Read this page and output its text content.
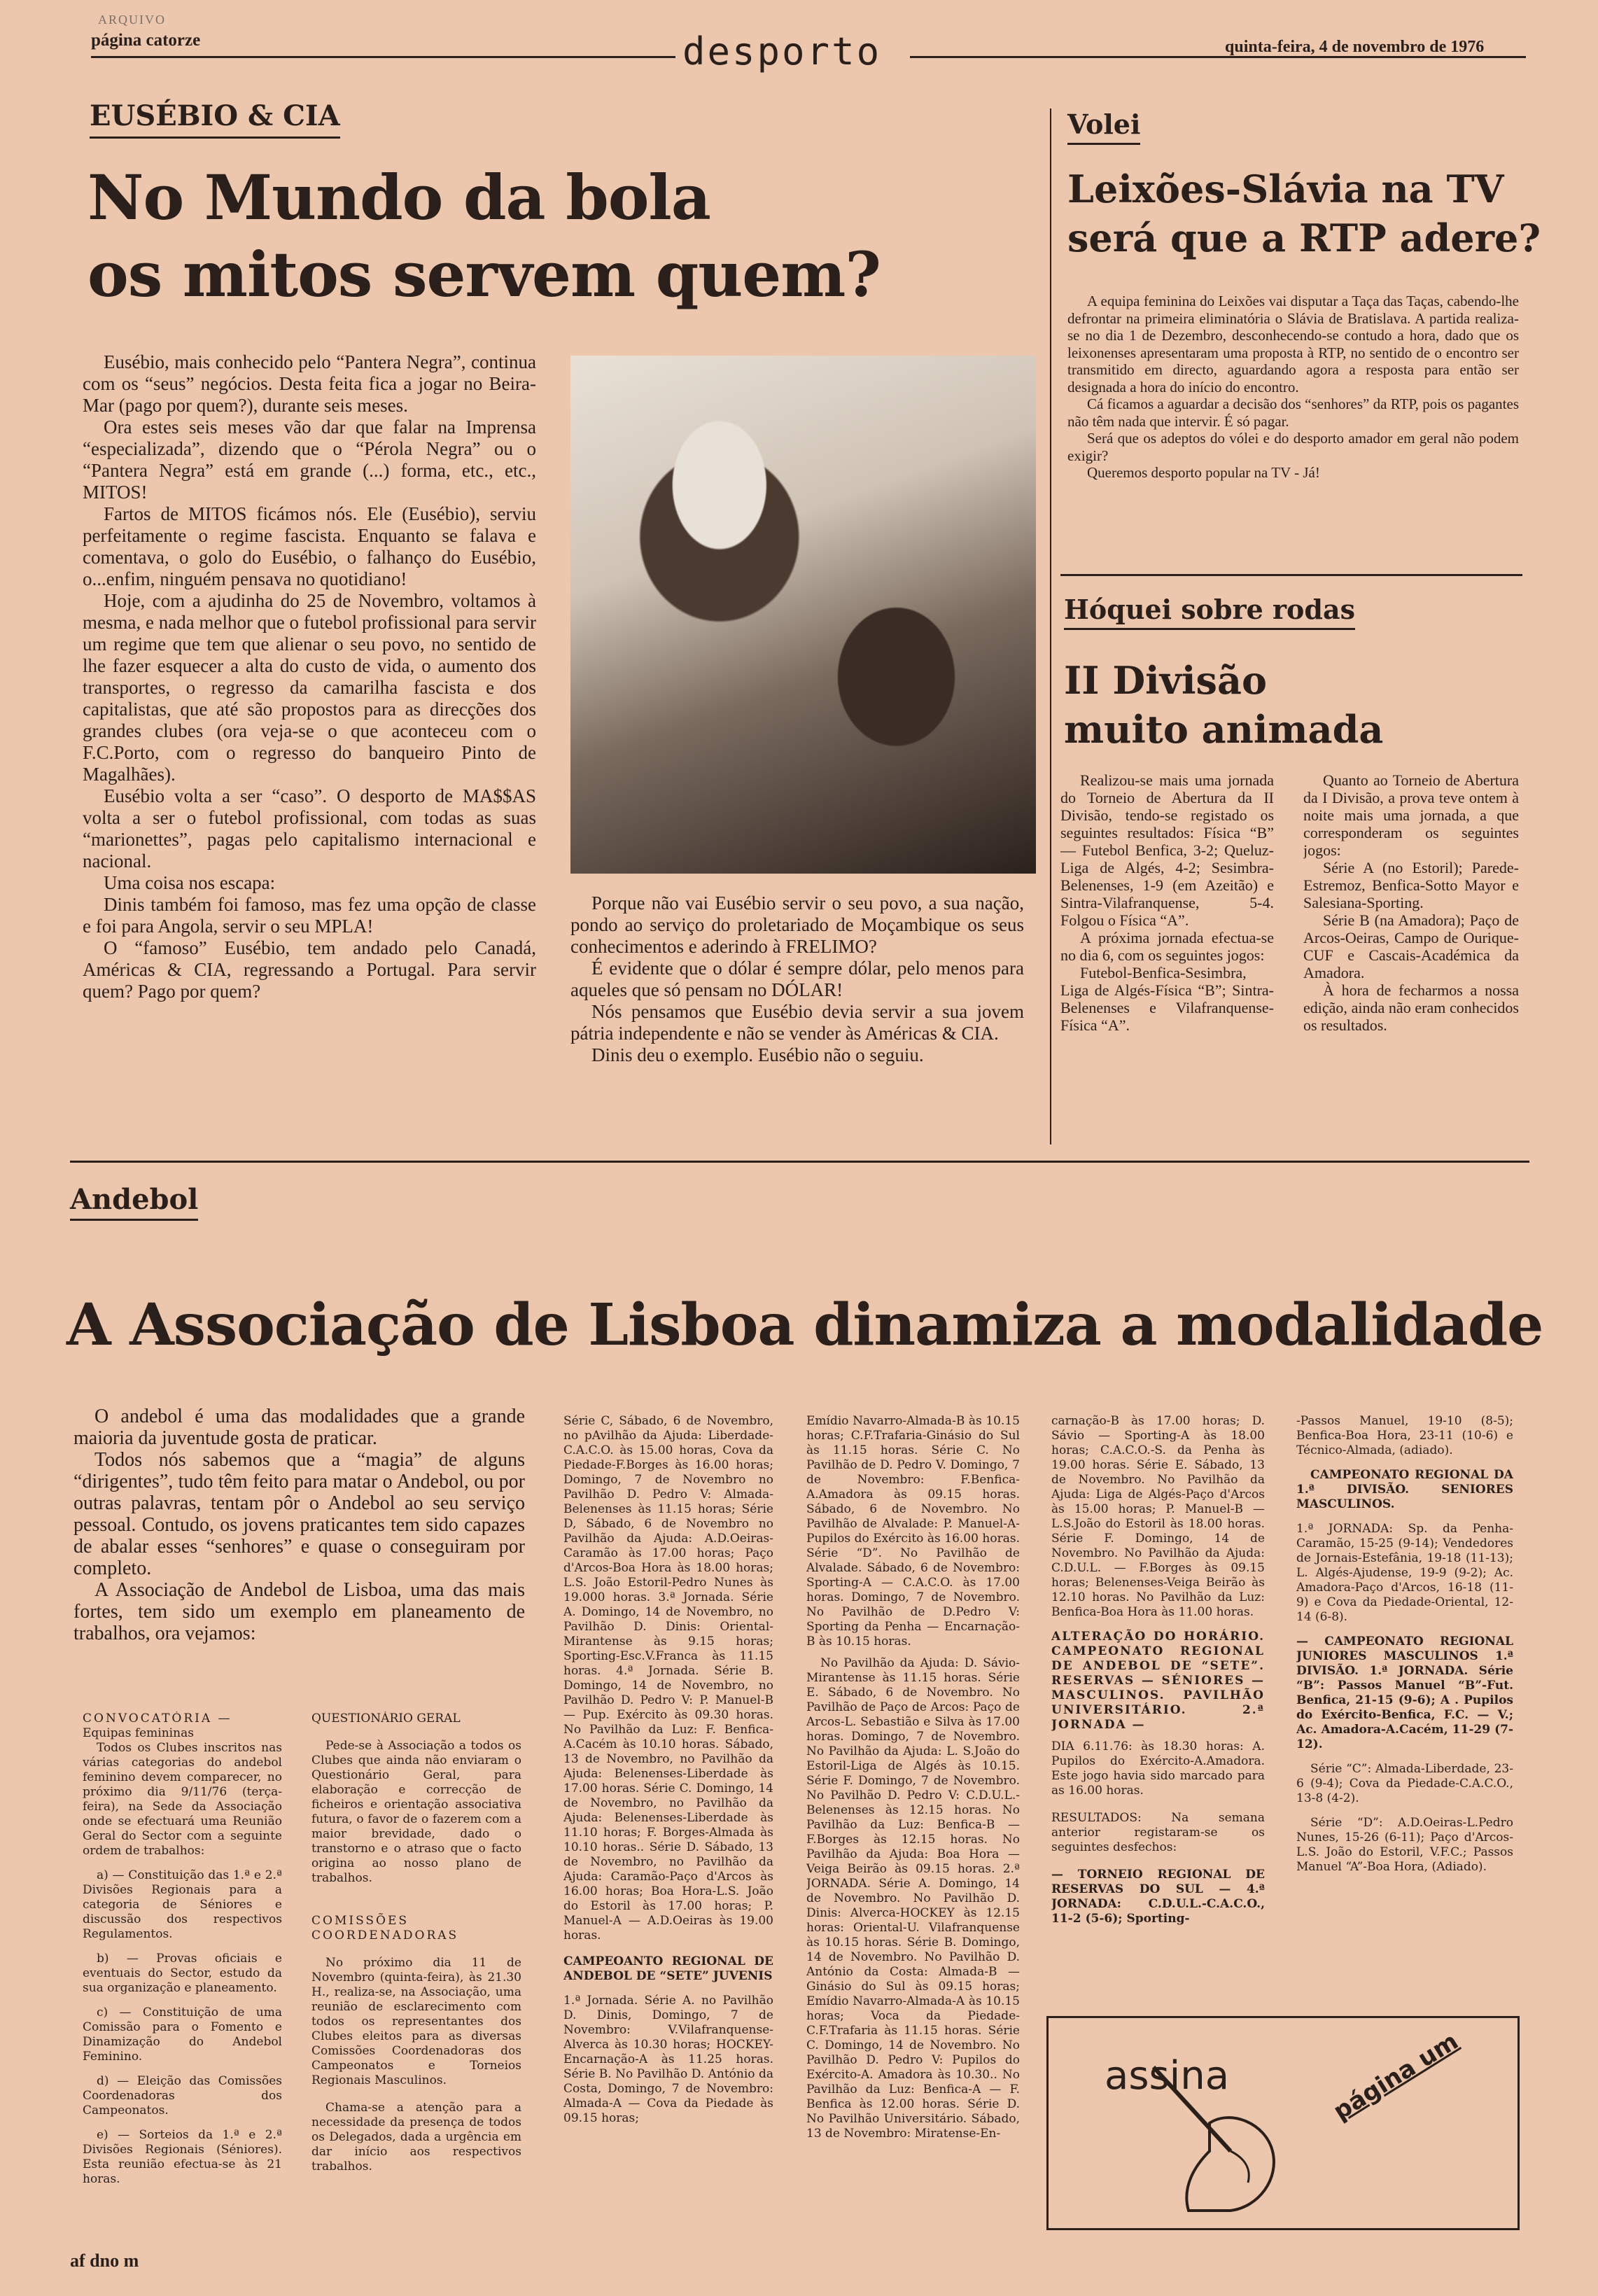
ARQUIVO
página catorze	desporto	quinta-feira, 4 de novembro de 1976
EUSÉBIO & CIA
No Mundo da bola
os mitos servem quem?

Eusébio, mais conhecido pelo “Pantera Negra”, continua com os “seus” negócios. Desta feita fica a jogar no Beira-Mar (pago por quem?), durante seis meses.

Ora estes seis meses vão dar que falar na Imprensa “especializada”, dizendo que o “Pérola Negra” ou o “Pantera Negra” está em grande (...) forma, etc., etc., MITOS!

Fartos de MITOS ficámos nós. Ele (Eusébio), serviu perfeitamente o regime fascista. Enquanto se falava e comentava, o golo do Eusébio, o falhanço do Eusébio, o...enfim, ninguém pensava no quotidiano!

Hoje, com a ajudinha do 25 de Novembro, voltamos à mesma, e nada melhor que o futebol profissional para servir um regime que tem que alienar o seu povo, no sentido de lhe fazer esquecer a alta do custo de vida, o aumento dos transportes, o regresso da camarilha fascista e dos capitalistas, que até são propostos para as direcções dos grandes clubes (ora veja-se o que aconteceu com o F.C.Porto, com o regresso do banqueiro Pinto de Magalhães).

Eusébio volta a ser “caso”. O desporto de MA$$AS volta a ser o futebol profissional, com todas as suas “marionettes”, pagas pelo capitalismo internacional e nacional.

Uma coisa nos escapa:

Dinis também foi famoso, mas fez uma opção de classe e foi para Angola, servir o seu MPLA!

O “famoso” Eusébio, tem andado pelo Canadá, Américas & CIA, regressando a Portugal. Para servir quem? Pago por quem?

Porque não vai Eusébio servir o seu povo, a sua nação, pondo ao serviço do proletariado de Moçambique os seus conhecimentos e aderindo à FRELIMO?

É evidente que o dólar é sempre dólar, pelo menos para aqueles que só pensam no DÓLAR!

Nós pensamos que Eusébio devia servir a sua jovem pátria independente e não se vender às Américas & CIA.

Dinis deu o exemplo. Eusébio não o seguiu.

Volei
Leixões-Slávia na TV
será que a RTP adere?

A equipa feminina do Leixões vai disputar a Taça das Taças, cabendo-lhe defrontar na primeira eliminatória o Slávia de Bratislava. A partida realiza-se no dia 1 de Dezembro, desconhecendo-se contudo a hora, dado que os leixonenses apresentaram uma proposta à RTP, no sentido de o encontro ser transmitido em directo, aguardando agora a resposta para então ser designada a hora do início do encontro.

Cá ficamos a aguardar a decisão dos “senhores” da RTP, pois os pagantes não têm nada que intervir. É só pagar.

Será que os adeptos do vólei e do desporto amador em geral não podem exigir?

Queremos desporto popular na TV - Já!

Hóquei sobre rodas
II Divisão
muito animada

Realizou-se mais uma jornada do Torneio de Abertura da II Divisão, tendo-se registado os seguintes resultados: Física “B” — Futebol Benfica, 3-2; Queluz-Liga de Algés, 4-2; Sesimbra-Belenenses, 1-9 (em Azeitão) e Sintra-Vilafranquense, 5-4. Folgou o Física “A”.

A próxima jornada efectua-se no dia 6, com os seguintes jogos:

Futebol-Benfica-Sesimbra, Liga de Algés-Física “B”; Sintra-Belenenses e Vilafranquense-Física “A”.

Quanto ao Torneio de Abertura da I Divisão, a prova teve ontem à noite mais uma jornada, a que corresponderam os seguintes jogos:

Série A (no Estoril); Parede-Estremoz, Benfica-Sotto Mayor e Salesiana-Sporting.

Série B (na Amadora); Paço de Arcos-Oeiras, Campo de Ourique-CUF e Cascais-Académica da Amadora.

À hora de fecharmos a nossa edição, ainda não eram conhecidos os resultados.

Andebol
A Associação de Lisboa dinamiza a modalidade

O andebol é uma das modalidades que a grande maioria da juventude gosta de praticar.

Todos nós sabemos que a “magia” de alguns “dirigentes”, tudo têm feito para matar o Andebol, ou por outras palavras, tentam pôr o Andebol ao seu serviço pessoal. Contudo, os jovens praticantes tem sido capazes de abalar esses “senhores” e quase o conseguiram por completo.

A Associação de Andebol de Lisboa, uma das mais fortes, tem sido um exemplo em planeamento de trabalhos, ora vejamos:

CONVOCATÓRIA —

Equipas femininas

Todos os Clubes inscritos nas várias categorias do andebol feminino devem comparecer, no próximo dia 9/11/76 (terça-feira), na Sede da Associação onde se efectuará uma Reunião Geral do Sector com a seguinte ordem de trabalhos:

a) — Constituição das 1.ª e 2.ª Divisões Regionais para a categoria de Séniores e discussão dos respectivos Regulamentos.

b) — Provas oficiais e eventuais do Sector, estudo da sua organização e planeamento.

c) — Constituição de uma Comissão para o Fomento e Dinamização do Andebol Feminino.

d) — Eleição das Comissões Coordenadoras dos Campeonatos.

e) — Sorteios da 1.ª e 2.ª Divisões Regionais (Séniores). Esta reunião efectua-se às 21 horas.

QUESTIONÁRIO GERAL

Pede-se à Associação a todos os Clubes que ainda não enviaram o Questionário Geral, para elaboração e correcção de ficheiros e orientação associativa futura, o favor de o fazerem com a maior brevidade, dado o transtorno e o atraso que o facto origina ao nosso plano de trabalhos.

COMISSÕES COORDENADORAS

No próximo dia 11 de Novembro (quinta-feira), às 21.30 H., realiza-se, na Associação, uma reunião de esclarecimento com todos os representantes dos Clubes eleitos para as diversas Comissões Coordenadoras dos Campeonatos e Torneios Regionais Masculinos.

Chama-se a atenção para a necessidade da presença de todos os Delegados, dada a urgência em dar início aos respectivos trabalhos.

Série C, Sábado, 6 de Novembro, no pAvilhão da Ajuda: Liberdade-C.A.C.O. às 15.00 horas, Cova da Piedade-F.Borges às 16.00 horas; Domingo, 7 de Novembro no Pavilhão D. Pedro V: Almada-Belenenses às 11.15 horas; Série D, Sábado, 6 de Novembro no Pavilhão da Ajuda: A.D.Oeiras-Caramão às 17.00 horas; Paço d'Arcos-Boa Hora às 18.00 horas; L.S. João Estoril-Pedro Nunes às 19.000 horas. 3.ª Jornada. Série A. Domingo, 14 de Novembro, no Pavilhão D. Dinis: Oriental-Mirantense às 9.15 horas; Sporting-Esc.V.Franca às 11.15 horas. 4.ª Jornada. Série B. Domingo, 14 de Novembro, no Pavilhão D. Pedro V: P. Manuel-B — Pup. Exército às 09.30 horas. No Pavilhão da Luz: F. Benfica-A.Cacém às 10.10 horas. Sábado, 13 de Novembro, no Pavilhão da Ajuda: Belenenses-Liberdade às 17.00 horas. Série C. Domingo, 14 de Novembro, no Pavilhão da Ajuda: Belenenses-Liberdade às 11.10 horas; F. Borges-Almada às 10.10 horas.. Série D. Sábado, 13 de Novembro, no Pavilhão da Ajuda: Caramão-Paço d'Arcos às 16.00 horas; Boa Hora-L.S. João do Estoril às 17.00 horas; P. Manuel-A — A.D.Oeiras às 19.00 horas.

CAMPEOANTO REGIONAL DE ANDEBOL DE “SETE” JUVENIS

1.ª Jornada. Série A. no Pavilhão D. Dinis, Domingo, 7 de Novembro: V.Vilafranquense-Alverca às 10.30 horas; HOCKEY-Encarnação-A às 11.25 horas. Série B. No Pavilhão D. António da Costa, Domingo, 7 de Novembro: Almada-A — Cova da Piedade às 09.15 horas;

Emídio Navarro-Almada-B às 10.15 horas; C.F.Trafaria-Ginásio do Sul às 11.15 horas. Série C. No Pavilhão de D. Pedro V. Domingo, 7 de Novembro: F.Benfica-A.Amadora às 09.15 horas. Sábado, 6 de Novembro. No Pavilhão de Alvalade: P. Manuel-A-Pupilos do Exército às 16.00 horas. Série “D”. No Pavilhão de Alvalade. Sábado, 6 de Novembro: Sporting-A — C.A.C.O. às 17.00 horas. Domingo, 7 de Novembro. No Pavilhão de D.Pedro V: Sporting da Penha — Encarnação-B às 10.15 horas.

No Pavilhão da Ajuda: D. Sávio-Mirantense às 11.15 horas. Série E. Sábado, 6 de Novembro. No Pavilhão de Paço de Arcos: Paço de Arcos-L. Sebastião e Silva às 17.00 horas. Domingo, 7 de Novembro. No Pavilhão da Ajuda: L. S.João do Estoril-Liga de Algés às 10.15. Série F. Domingo, 7 de Novembro. No Pavilhão D. Pedro V: C.D.U.L.-Belenenses às 12.15 horas. No Pavilhão da Luz: Benfica-B — F.Borges às 12.15 horas. No Pavilhão da Ajuda: Boa Hora — Veiga Beirão às 09.15 horas. 2.ª JORNADA. Série A. Domingo, 14 de Novembro. No Pavilhão D. Dinis: Alverca-HOCKEY às 12.15 horas: Oriental-U. Vilafranquense às 10.15 horas. Série B. Domingo, 14 de Novembro. No Pavilhão D. António da Costa: Almada-B — Ginásio do Sul às 09.15 horas; Emídio Navarro-Almada-A às 10.15 horas; Voca da Piedade-C.F.Trafaria às 11.15 horas. Série C. Domingo, 14 de Novembro. No Pavilhão D. Pedro V: Pupilos do Exército-A. Amadora às 10.30.. No Pavilhão da Luz: Benfica-A — F. Benfica às 12.00 horas. Série D. No Pavilhão Universitário. Sábado, 13 de Novembro: Miratense-En-

carnação-B às 17.00 horas; D. Sávio — Sporting-A às 18.00 horas; C.A.C.O.-S. da Penha às 19.00 horas. Série E. Sábado, 13 de Novembro. No Pavilhão da Ajuda: Liga de Algés-Paço d'Arcos às 15.00 horas; P. Manuel-B — L.S.João do Estoril às 18.00 horas. Série F. Domingo, 14 de Novembro. No Pavilhão da Ajuda: C.D.U.L. — F.Borges às 09.15 horas; Belenenses-Veiga Beirão às 12.10 horas. No Pavilhão da Luz: Benfica-Boa Hora às 11.00 horas.

ALTERAÇÃO DO HORÁRIO. CAMPEONATO REGIONAL DE ANDEBOL DE “SETE”. RESERVAS — SÉNIORES — MASCULINOS. PAVILHÃO UNIVERSITÁRIO. 2.ª JORNADA —

DIA 6.11.76: às 18.30 horas: A. Pupilos do Exército-A.Amadora. Este jogo havia sido marcado para as 16.00 horas.

RESULTADOS: Na semana anterior registaram-se os seguintes desfechos:

— TORNEIO REGIONAL DE RESERVAS DO SUL — 4.ª JORNADA: C.D.U.L.-C.A.C.O., 11-2 (5-6); Sporting-

-Passos Manuel, 19-10 (8-5); Benfica-Boa Hora, 23-11 (10-6) e Técnico-Almada, (adiado).

CAMPEONATO REGIONAL DA 1.ª DIVISÃO. SENIORES MASCULINOS.

1.ª JORNADA: Sp. da Penha-Caramão, 15-25 (9-14); Vendedores de Jornais-Estefânia, 19-18 (11-13); L. Algés-Ajudense, 19-9 (9-2); Ac. Amadora-Paço d'Arcos, 16-18 (11-9) e Cova da Piedade-Oriental, 12-14 (6-8).

— CAMPEONATO REGIONAL JUNIORES MASCULINOS 1.ª DIVISÃO. 1.ª JORNADA. Série “B”: Passos Manuel “B”-Fut. Benfica, 21-15 (9-6); A . Pupilos do Exército-Benfica, F.C. — V.; Ac. Amadora-A.Cacém, 11-29 (7-12).

Série “C”: Almada-Liberdade, 23-6 (9-4); Cova da Piedade-C.A.C.O., 13-8 (4-2).

Série “D”: A.D.Oeiras-L.Pedro Nunes, 15-26 (6-11); Paço d'Arcos-L.S. João do Estoril, V.F.C.; Passos Manuel “A”-Boa Hora, (Adiado).

assina	página um
af dno m
